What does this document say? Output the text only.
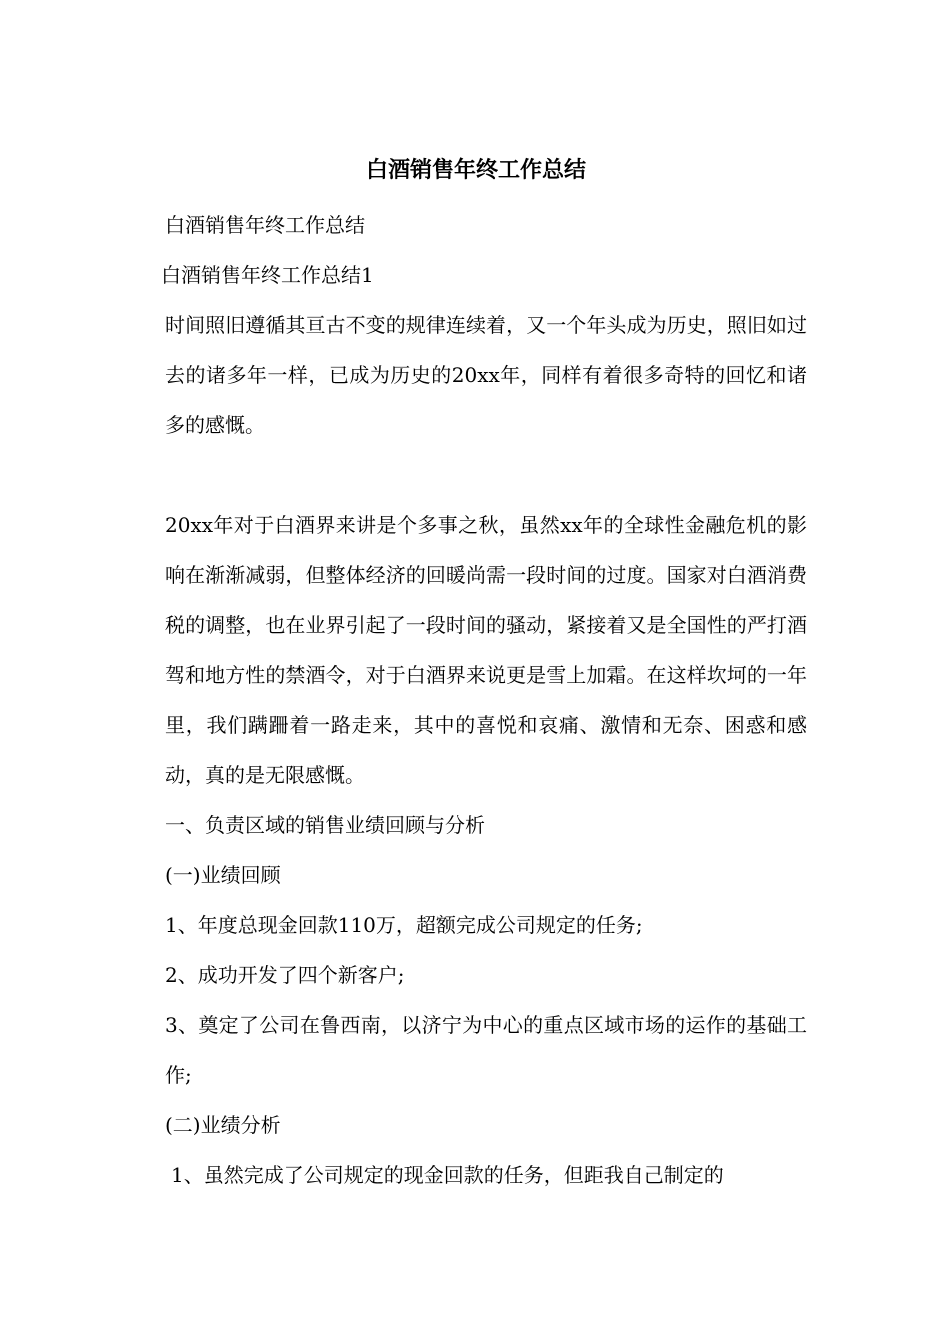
白酒销售年终工作总结

白酒销售年终工作总结

白酒销售年终工作总结1

时间照旧遵循其亘古不变的规律连续着，又一个年头成为历史，照旧如过去的诸多年一样，已成为历史的20xx年，同样有着很多奇特的回忆和诸多的感慨。

20xx年对于白酒界来讲是个多事之秋，虽然xx年的全球性金融危机的影响在渐渐减弱，但整体经济的回暖尚需一段时间的过度。国家对白酒消费税的调整，也在业界引起了一段时间的骚动，紧接着又是全国性的严打酒驾和地方性的禁酒令，对于白酒界来说更是雪上加霜。在这样坎坷的一年里，我们蹒跚着一路走来，其中的喜悦和哀痛、激情和无奈、困惑和感动，真的是无限感慨。

一、负责区域的销售业绩回顾与分析

(一)业绩回顾

1、年度总现金回款110万，超额完成公司规定的任务;

2、成功开发了四个新客户;

3、奠定了公司在鲁西南，以济宁为中心的重点区域市场的运作的基础工作;

(二)业绩分析

1、虽然完成了公司规定的现金回款的任务，但距我自己制定的
